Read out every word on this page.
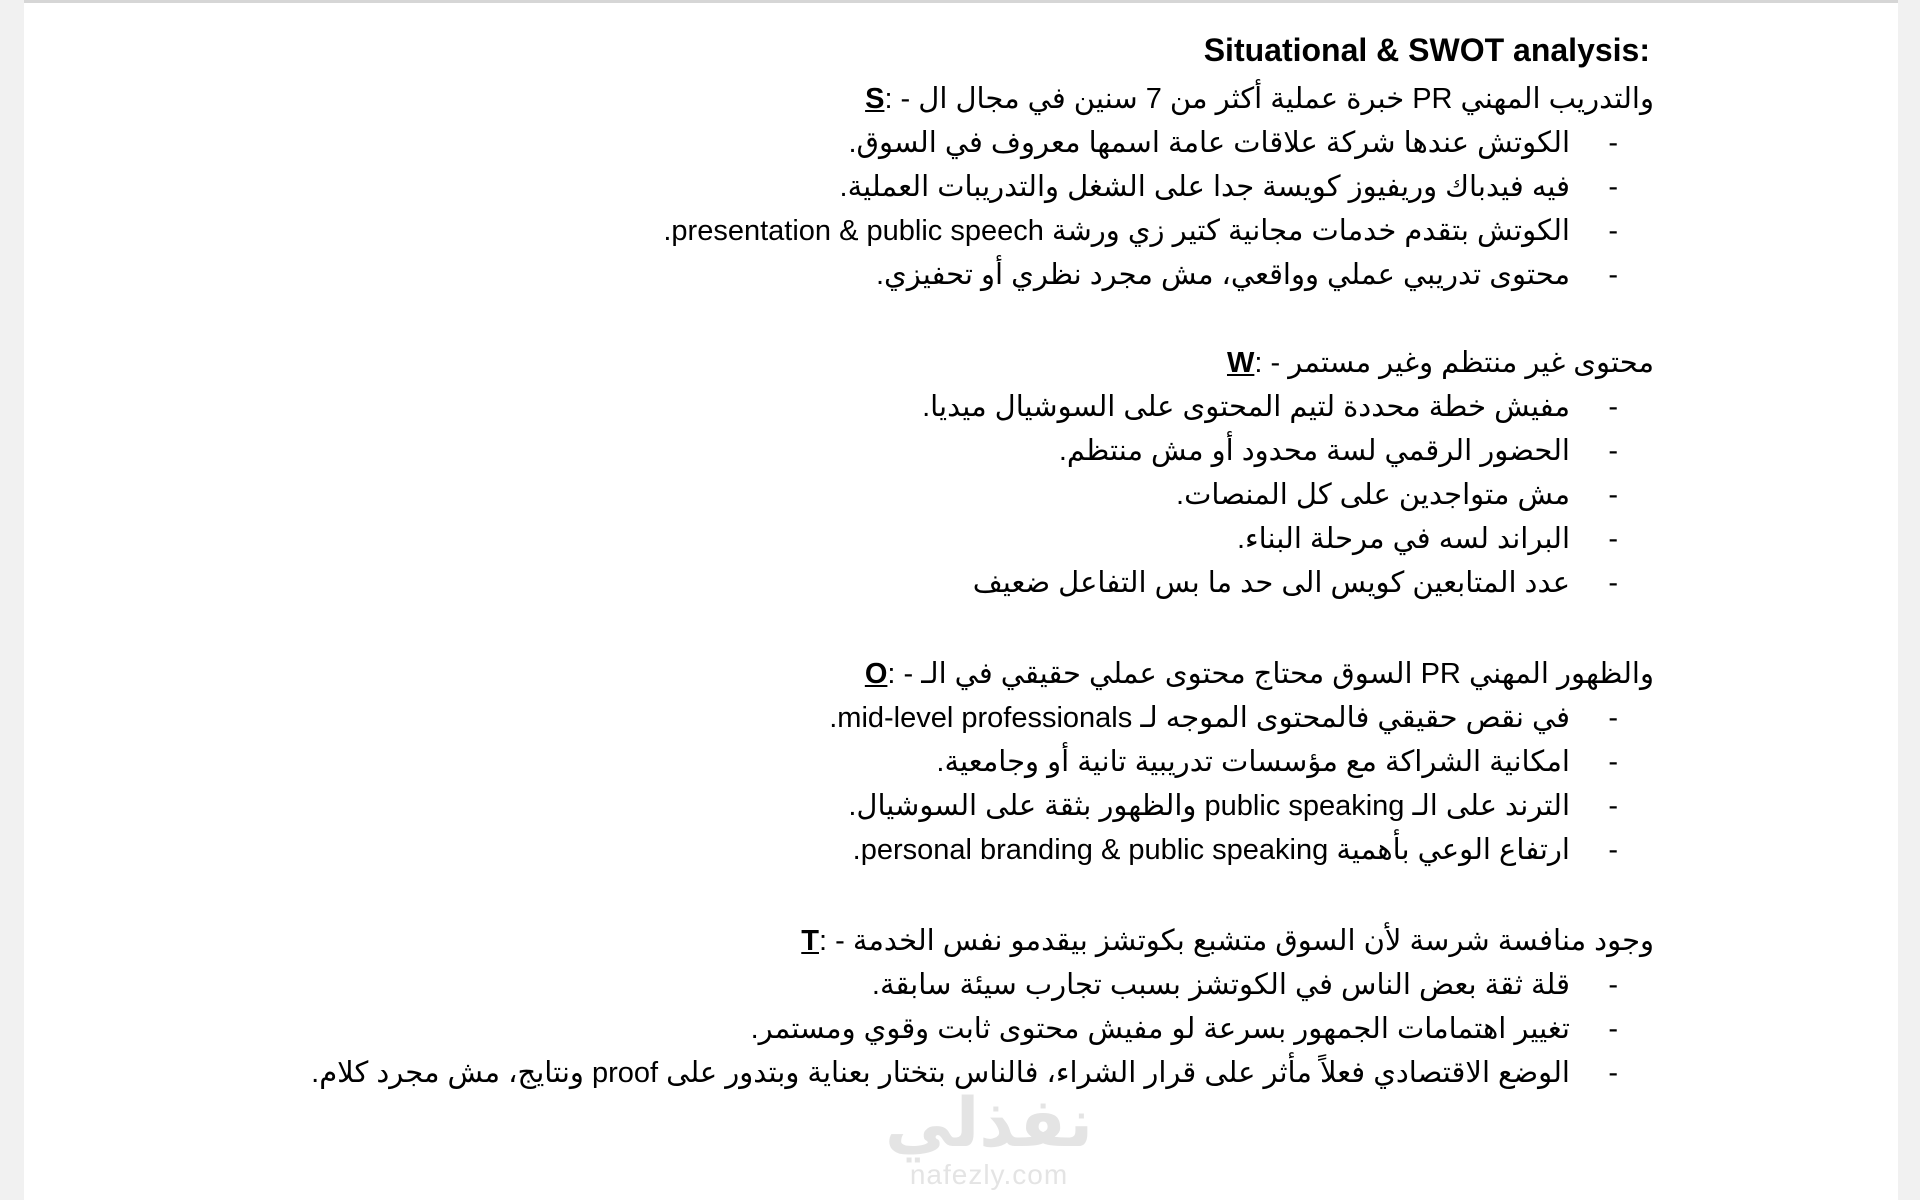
Situational & SWOT analysis:
والتدريب المهني PR خبرة عملية أكثر من 7 سنين في مجال ال - :S
-
الكوتش عندها شركة علاقات عامة اسمها معروف في السوق.
-
فيه فيدباك وريفيوز كويسة جدا على الشغل والتدريبات العملية.
-
الكوتش بتقدم خدمات مجانية كتير زي ورشة presentation & public speech.
-
محتوى تدريبي عملي وواقعي، مش مجرد نظري أو تحفيزي.
محتوى غير منتظم وغير مستمر - :W
-
مفيش خطة محددة لتيم المحتوى على السوشيال ميديا.
-
الحضور الرقمي لسة محدود أو مش منتظم.
-
مش متواجدين على كل المنصات.
-
البراند لسه في مرحلة البناء.
-
عدد المتابعين كويس الى حد ما بس التفاعل ضعيف
والظهور المهني PR السوق محتاج محتوى عملي حقيقي في الـ - :O
-
في نقص حقيقي فالمحتوى الموجه لـ mid-level professionals.
-
امكانية الشراكة مع مؤسسات تدريبية تانية أو وجامعية.
-
الترند على الـ public speaking والظهور بثقة على السوشيال.
-
ارتفاع الوعي بأهمية personal branding & public speaking.
وجود منافسة شرسة لأن السوق متشبع بكوتشز بيقدمو نفس الخدمة - :T
-
قلة ثقة بعض الناس في الكوتشز بسبب تجارب سيئة سابقة.
-
تغيير اهتمامات الجمهور بسرعة لو مفيش محتوى ثابت وقوي ومستمر.
-
الوضع الاقتصادي فعلاً مأثر على قرار الشراء، فالناس بتختار بعناية وبتدور على proof ونتايج، مش مجرد كلام.
نفذلي
nafezly.com
